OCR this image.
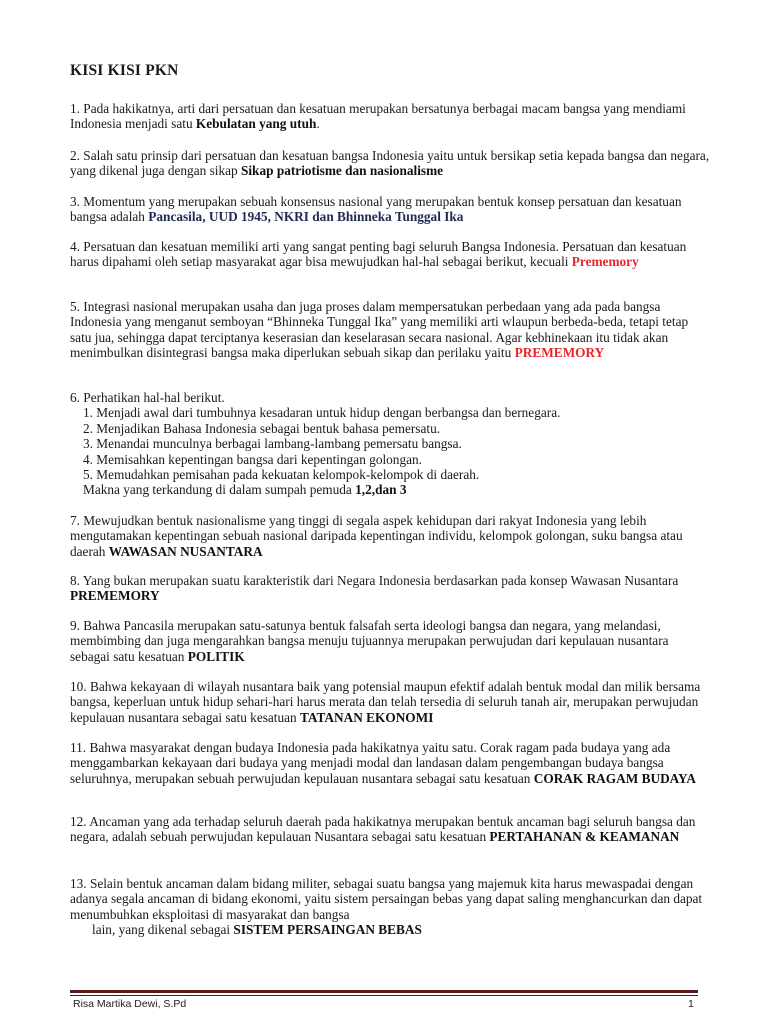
KISI KISI PKN

1. Pada hakikatnya, arti dari persatuan dan kesatuan merupakan bersatunya berbagai macam bangsa yang mendiami Indonesia menjadi satu Kebulatan yang utuh.

2. Salah satu prinsip dari persatuan dan kesatuan bangsa Indonesia yaitu untuk bersikap setia kepada bangsa dan negara, yang dikenal juga dengan sikap Sikap patriotisme dan nasionalisme

3. Momentum yang merupakan sebuah konsensus nasional yang merupakan bentuk konsep persatuan dan kesatuan bangsa adalah Pancasila, UUD 1945, NKRI dan Bhinneka Tunggal Ika

4. Persatuan dan kesatuan memiliki arti yang sangat penting bagi seluruh Bangsa Indonesia. Persatuan dan kesatuan harus dipahami oleh setiap masyarakat agar bisa mewujudkan hal-hal sebagai berikut, kecuali Prememory

5. Integrasi nasional merupakan usaha dan juga proses dalam mempersatukan perbedaan yang ada pada bangsa Indonesia yang menganut semboyan “Bhinneka Tunggal Ika” yang memiliki arti wlaupun berbeda-beda, tetapi tetap satu jua, sehingga dapat terciptanya keserasian dan keselarasan secara nasional. Agar kebhinekaan itu tidak akan menimbulkan disintegrasi bangsa maka diperlukan sebuah sikap dan perilaku yaitu PREMEMORY

6. Perhatikan hal-hal berikut.
1. Menjadi awal dari tumbuhnya kesadaran untuk hidup dengan berbangsa dan bernegara.
2. Menjadikan Bahasa Indonesia sebagai bentuk bahasa pemersatu.
3. Menandai munculnya berbagai lambang-lambang pemersatu bangsa.
4. Memisahkan kepentingan bangsa dari kepentingan golongan.
5. Memudahkan pemisahan pada kekuatan kelompok-kelompok di daerah.
Makna yang terkandung di dalam sumpah pemuda 1,2,dan 3

7. Mewujudkan bentuk nasionalisme yang tinggi di segala aspek kehidupan dari rakyat Indonesia yang lebih mengutamakan kepentingan sebuah nasional daripada kepentingan individu, kelompok golongan, suku bangsa atau daerah WAWASAN NUSANTARA

8. Yang bukan merupakan suatu karakteristik dari Negara Indonesia berdasarkan pada konsep Wawasan Nusantara PREMEMORY

9. Bahwa Pancasila merupakan satu-satunya bentuk falsafah serta ideologi bangsa dan negara, yang melandasi, membimbing dan juga mengarahkan bangsa menuju tujuannya merupakan perwujudan dari kepulauan nusantara sebagai satu kesatuan POLITIK

10. Bahwa kekayaan di wilayah nusantara baik yang potensial maupun efektif adalah bentuk modal dan milik bersama bangsa, keperluan untuk hidup sehari-hari harus merata dan telah tersedia di seluruh tanah air, merupakan perwujudan kepulauan nusantara sebagai satu kesatuan TATANAN EKONOMI

11. Bahwa masyarakat dengan budaya Indonesia pada hakikatnya yaitu satu. Corak ragam pada budaya yang ada menggambarkan kekayaan dari budaya yang menjadi modal dan landasan dalam pengembangan budaya bangsa seluruhnya, merupakan sebuah perwujudan kepulauan nusantara sebagai satu kesatuan CORAK RAGAM BUDAYA

12. Ancaman yang ada terhadap seluruh daerah pada hakikatnya merupakan bentuk ancaman bagi seluruh bangsa dan negara, adalah sebuah perwujudan kepulauan Nusantara sebagai satu kesatuan PERTAHANAN & KEAMANAN

13. Selain bentuk ancaman dalam bidang militer, sebagai suatu bangsa yang majemuk kita harus mewaspadai dengan adanya segala ancaman di bidang ekonomi, yaitu sistem persaingan bebas yang dapat saling menghancurkan dan dapat menumbuhkan eksploitasi di masyarakat dan bangsa
lain, yang dikenal sebagai SISTEM PERSAINGAN BEBAS
Risa Martika Dewi, S.Pd	1
